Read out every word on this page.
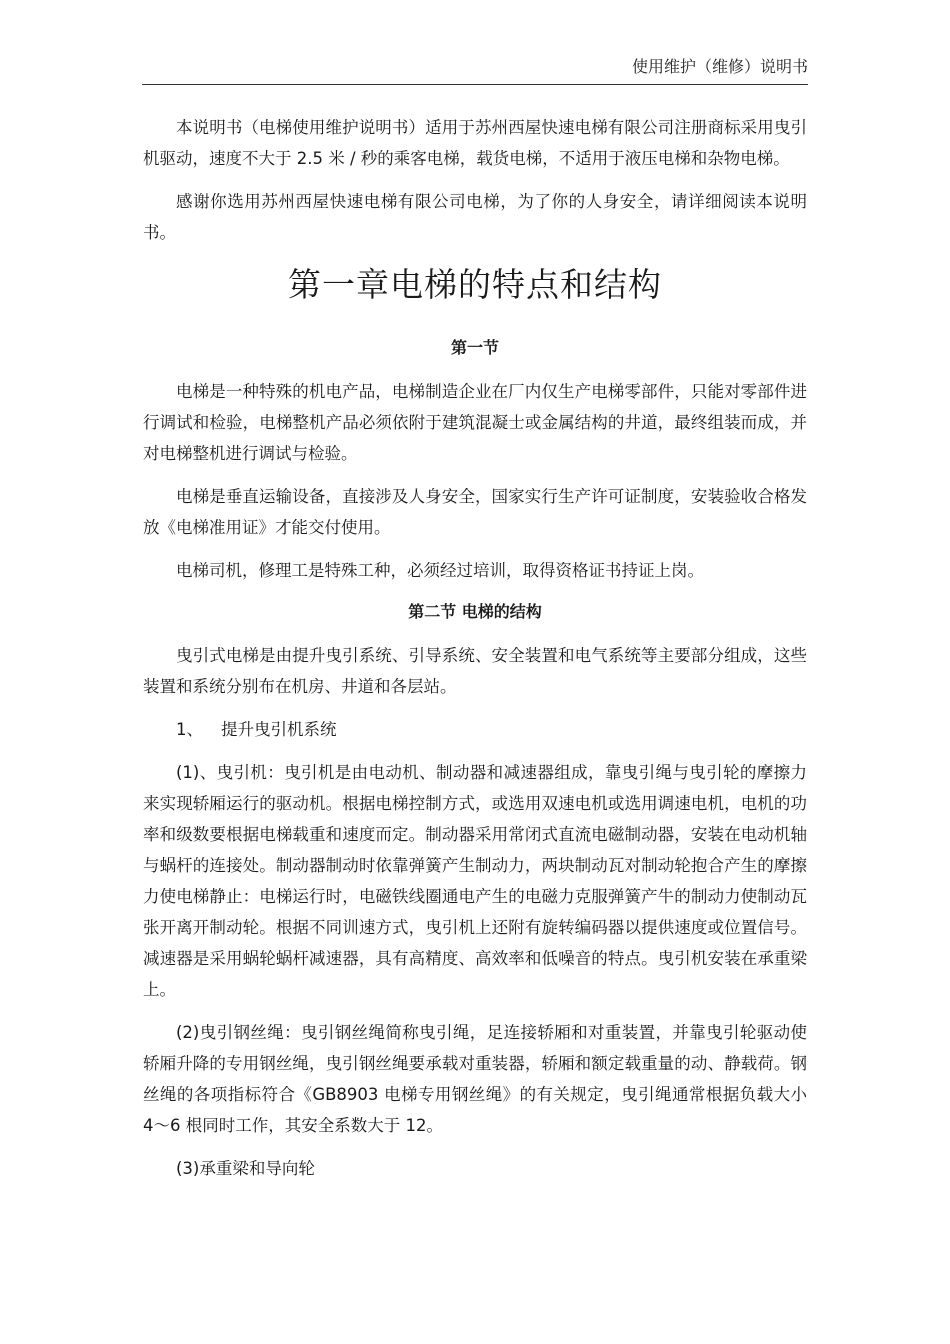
使用维护（维修）说明书

本说明书（电梯使用维护说明书）适用于苏州西屋快速电梯有限公司注册商标采用曳引机驱动，速度不大于 2.5 米 / 秒的乘客电梯，载货电梯，不适用于液压电梯和杂物电梯。

感谢你选用苏州西屋快速电梯有限公司电梯，为了你的人身安全，请详细阅读本说明书。

第一章电梯的特点和结构
第一节

电梯是一种特殊的机电产品，电梯制造企业在厂内仅生产电梯零部件，只能对零部件进行调试和检验，电梯整机产品必须依附于建筑混凝士或金属结构的井道，最终组装而成，并对电梯整机进行调试与检验。

电梯是垂直运输设备，直接涉及人身安全，国家实行生产许可证制度，安装验收合格发放《电梯准用证》才能交付使用。

电梯司机，修理工是特殊工种，必须经过培训，取得资格证书持证上岗。

第二节 电梯的结构

曳引式电梯是由提升曳引系统、引导系统、安全装置和电气系统等主要部分组成，这些装置和系统分别布在机房、井道和各层站。

1、 提升曳引机系统

(1)、曳引机：曳引机是由电动机、制动器和减速器组成，靠曳引绳与曳引轮的摩擦力来实现轿厢运行的驱动机。根据电梯控制方式，或选用双速电机或选用调速电机，电机的功率和级数要根据电梯载重和速度而定。制动器采用常闭式直流电磁制动器，安装在电动机轴与蜗杆的连接处。制动器制动时依靠弹簧产生制动力，两块制动瓦对制动轮抱合产生的摩擦力使电梯静止：电梯运行时，电磁铁线圈通电产生的电磁力克服弹簧产牛的制动力使制动瓦张开离开制动轮。根据不同训速方式，曳引机上还附有旋转编码器以提供速度或位置信号。减速器是采用蜗轮蜗杆减速器，具有高精度、高效率和低噪音的特点。曳引机安装在承重梁上。

(2)曳引钢丝绳：曳引钢丝绳简称曳引绳，足连接轿厢和对重装置，并靠曳引轮驱动使轿厢升降的专用钢丝绳，曳引钢丝绳要承载对重装器，轿厢和额定载重量的动、静载荷。钢丝绳的各项指标符合《GB8903 电梯专用钢丝绳》的有关规定，曳引绳通常根据负载大小 4～6 根同时工作，其安全系数大于 12。

(3)承重梁和导向轮
